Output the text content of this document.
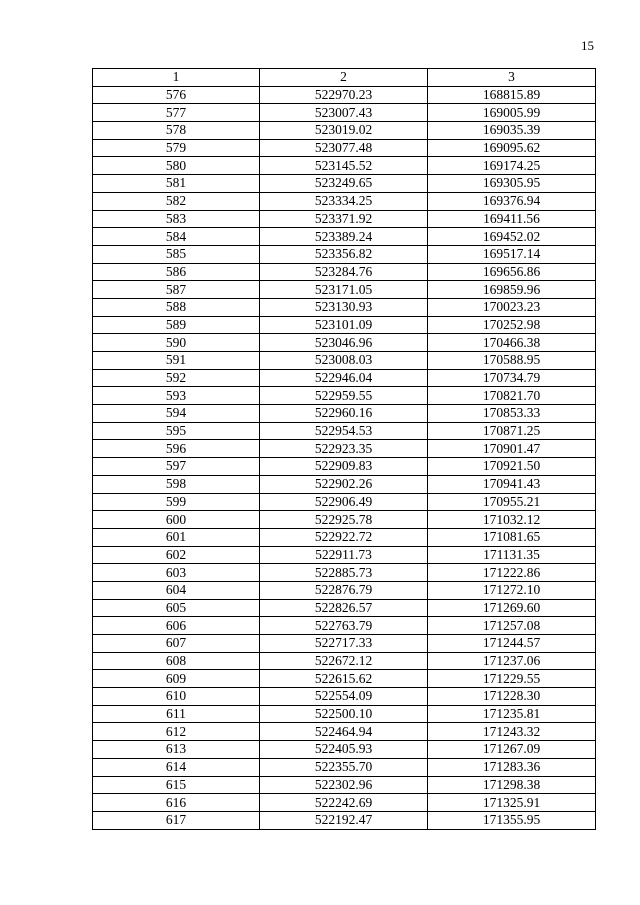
15
1	2	3
576	522970.23	168815.89
577	523007.43	169005.99
578	523019.02	169035.39
579	523077.48	169095.62
580	523145.52	169174.25
581	523249.65	169305.95
582	523334.25	169376.94
583	523371.92	169411.56
584	523389.24	169452.02
585	523356.82	169517.14
586	523284.76	169656.86
587	523171.05	169859.96
588	523130.93	170023.23
589	523101.09	170252.98
590	523046.96	170466.38
591	523008.03	170588.95
592	522946.04	170734.79
593	522959.55	170821.70
594	522960.16	170853.33
595	522954.53	170871.25
596	522923.35	170901.47
597	522909.83	170921.50
598	522902.26	170941.43
599	522906.49	170955.21
600	522925.78	171032.12
601	522922.72	171081.65
602	522911.73	171131.35
603	522885.73	171222.86
604	522876.79	171272.10
605	522826.57	171269.60
606	522763.79	171257.08
607	522717.33	171244.57
608	522672.12	171237.06
609	522615.62	171229.55
610	522554.09	171228.30
611	522500.10	171235.81
612	522464.94	171243.32
613	522405.93	171267.09
614	522355.70	171283.36
615	522302.96	171298.38
616	522242.69	171325.91
617	522192.47	171355.95
